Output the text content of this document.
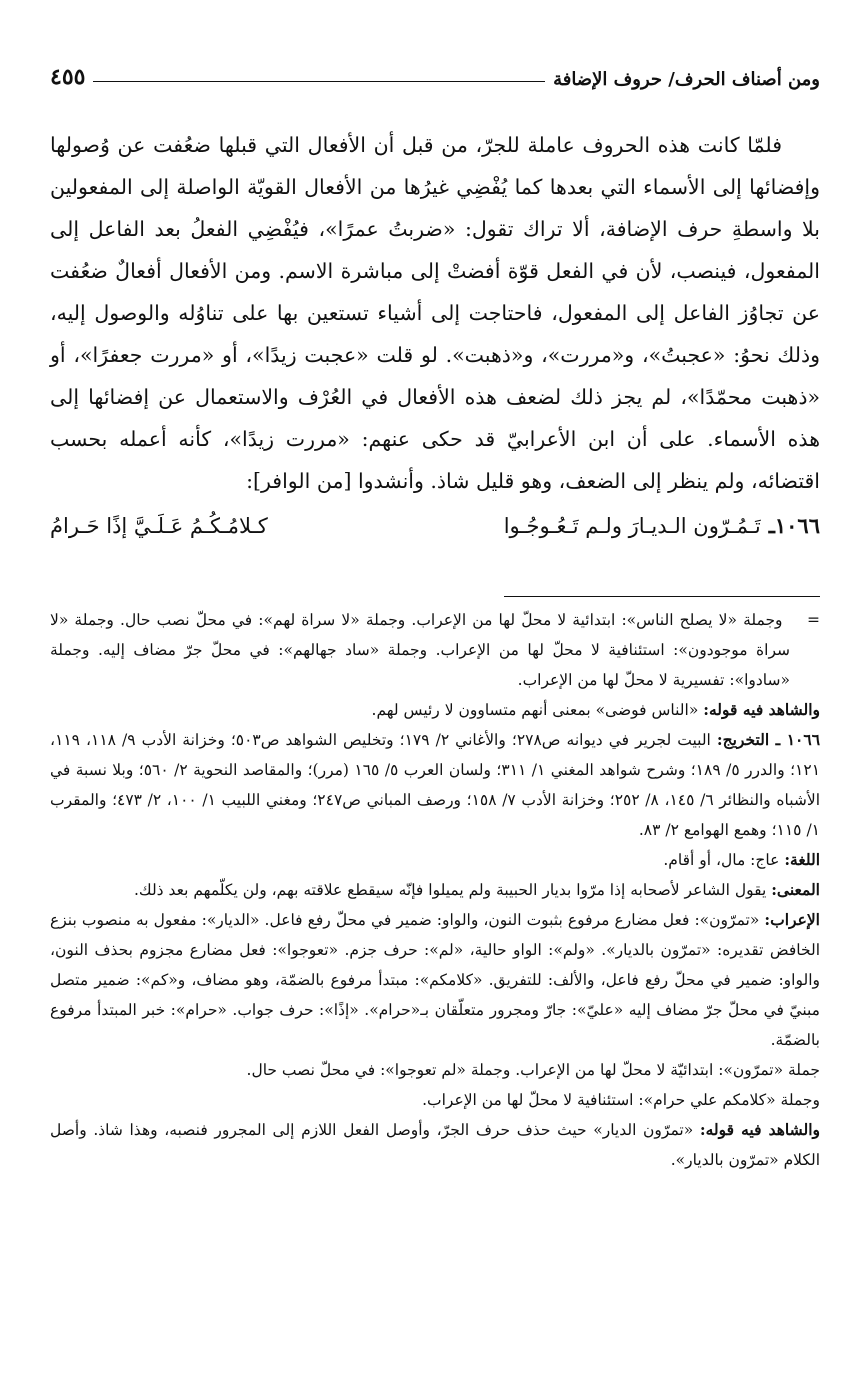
ومن أصناف الحرف/ حروف الإضافة
٤٥٥

فلمّا كانت هذه الحروف عاملة للجرّ، من قبل أن الأفعال التي قبلها ضعُفت عن وُصولها وإفضائها إلى الأسماء التي بعدها كما يُفْضِي غيرُها من الأفعال القويّة الواصلة إلى المفعولين بلا واسطةِ حرف الإضافة، ألا تراك تقول: «ضربتُ عمرًا»، فيُفْضِي الفعلُ بعد الفاعل إلى المفعول، فينصب، لأن في الفعل قوّة أفضتْ إلى مباشرة الاسم. ومن الأفعال أفعالٌ ضعُفت عن تجاوُز الفاعل إلى المفعول، فاحتاجت إلى أشياء تستعين بها على تناوُله والوصول إليه، وذلك نحوُ: «عجبتُ»، و«مررت»، و«ذهبت». لو قلت «عجبت زيدًا»، أو «مررت جعفرًا»، أو «ذهبت محمّدًا»، لم يجز ذلك لضعف هذه الأفعال في العُرْف والاستعمال عن إفضائها إلى هذه الأسماء. على أن ابن الأعرابيّ قد حكى عنهم: «مررت زيدًا»، كأنه أعمله بحسب اقتضائه، ولم ينظر إلى الضعف، وهو قليل شاذ. وأنشدوا [من الوافر]:

١٠٦٦ـ
تَـمُـرّون الـديـارَ ولـم تَـعُـوجُـوا
كـلامُـكُـمُ عَـلَـيَّ إذًا حَـرامُ

=    وجملة «لا يصلح الناس»: ابتدائية لا محلّ لها من الإعراب. وجملة «لا سراة لهم»: في محلّ نصب حال. وجملة «لا سراة موجودون»: استئنافية لا محلّ لها من الإعراب. وجملة «ساد جهالهم»: في محلّ جرّ مضاف إليه. وجملة «سادوا»: تفسيرية لا محلّ لها من الإعراب.

والشاهد فيه قوله: «الناس فوضى» بمعنى أنهم متساوون لا رئيس لهم.

١٠٦٦ ـ التخريج: البيت لجرير في ديوانه ص٢٧٨؛ والأغاني ٢/ ١٧٩؛ وتخليص الشواهد ص٥٠٣؛ وخزانة الأدب ٩/ ١١٨، ١١٩، ١٢١؛ والدرر ٥/ ١٨٩؛ وشرح شواهد المغني ١/ ٣١١؛ ولسان العرب ٥/ ١٦٥ (مرر)؛ والمقاصد النحوية ٢/ ٥٦٠؛ وبلا نسبة في الأشباه والنظائر ٦/ ١٤٥، ٨/ ٢٥٢؛ وخزانة الأدب ٧/ ١٥٨؛ ورصف المباني ص٢٤٧؛ ومغني اللبيب ١/ ١٠٠، ٢/ ٤٧٣؛ والمقرب ١/ ١١٥؛ وهمع الهوامع ٢/ ٨٣.

اللغة: عاج: مال، أو أقام.

المعنى: يقول الشاعر لأصحابه إذا مرّوا بديار الحبيبة ولم يميلوا فإنّه سيقطع علاقته بهم، ولن يكلّمهم بعد ذلك.

الإعراب: «تمرّون»: فعل مضارع مرفوع بثبوت النون، والواو: ضمير في محلّ رفع فاعل. «الديار»: مفعول به منصوب بنزع الخافض تقديره: «تمرّون بالديار». «ولم»: الواو حالية، «لم»: حرف جزم. «تعوجوا»: فعل مضارع مجزوم بحذف النون، والواو: ضمير في محلّ رفع فاعل، والألف: للتفريق. «كلامكم»: مبتدأ مرفوع بالضمّة، وهو مضاف، و«كم»: ضمير متصل مبنيّ في محلّ جرّ مضاف إليه «عليّ»: جارّ ومجرور متعلّقان بـ«حرام». «إذًا»: حرف جواب. «حرام»: خبر المبتدأ مرفوع بالضمّة.

جملة «تمرّون»: ابتدائيّة لا محلّ لها من الإعراب. وجملة «لم تعوجوا»: في محلّ نصب حال.

وجملة «كلامكم علي حرام»: استئنافية لا محلّ لها من الإعراب.

والشاهد فيه قوله: «تمرّون الديار» حيث حذف حرف الجرّ، وأوصل الفعل اللازم إلى المجرور فنصبه، وهذا شاذ. وأصل الكلام «تمرّون بالديار».
